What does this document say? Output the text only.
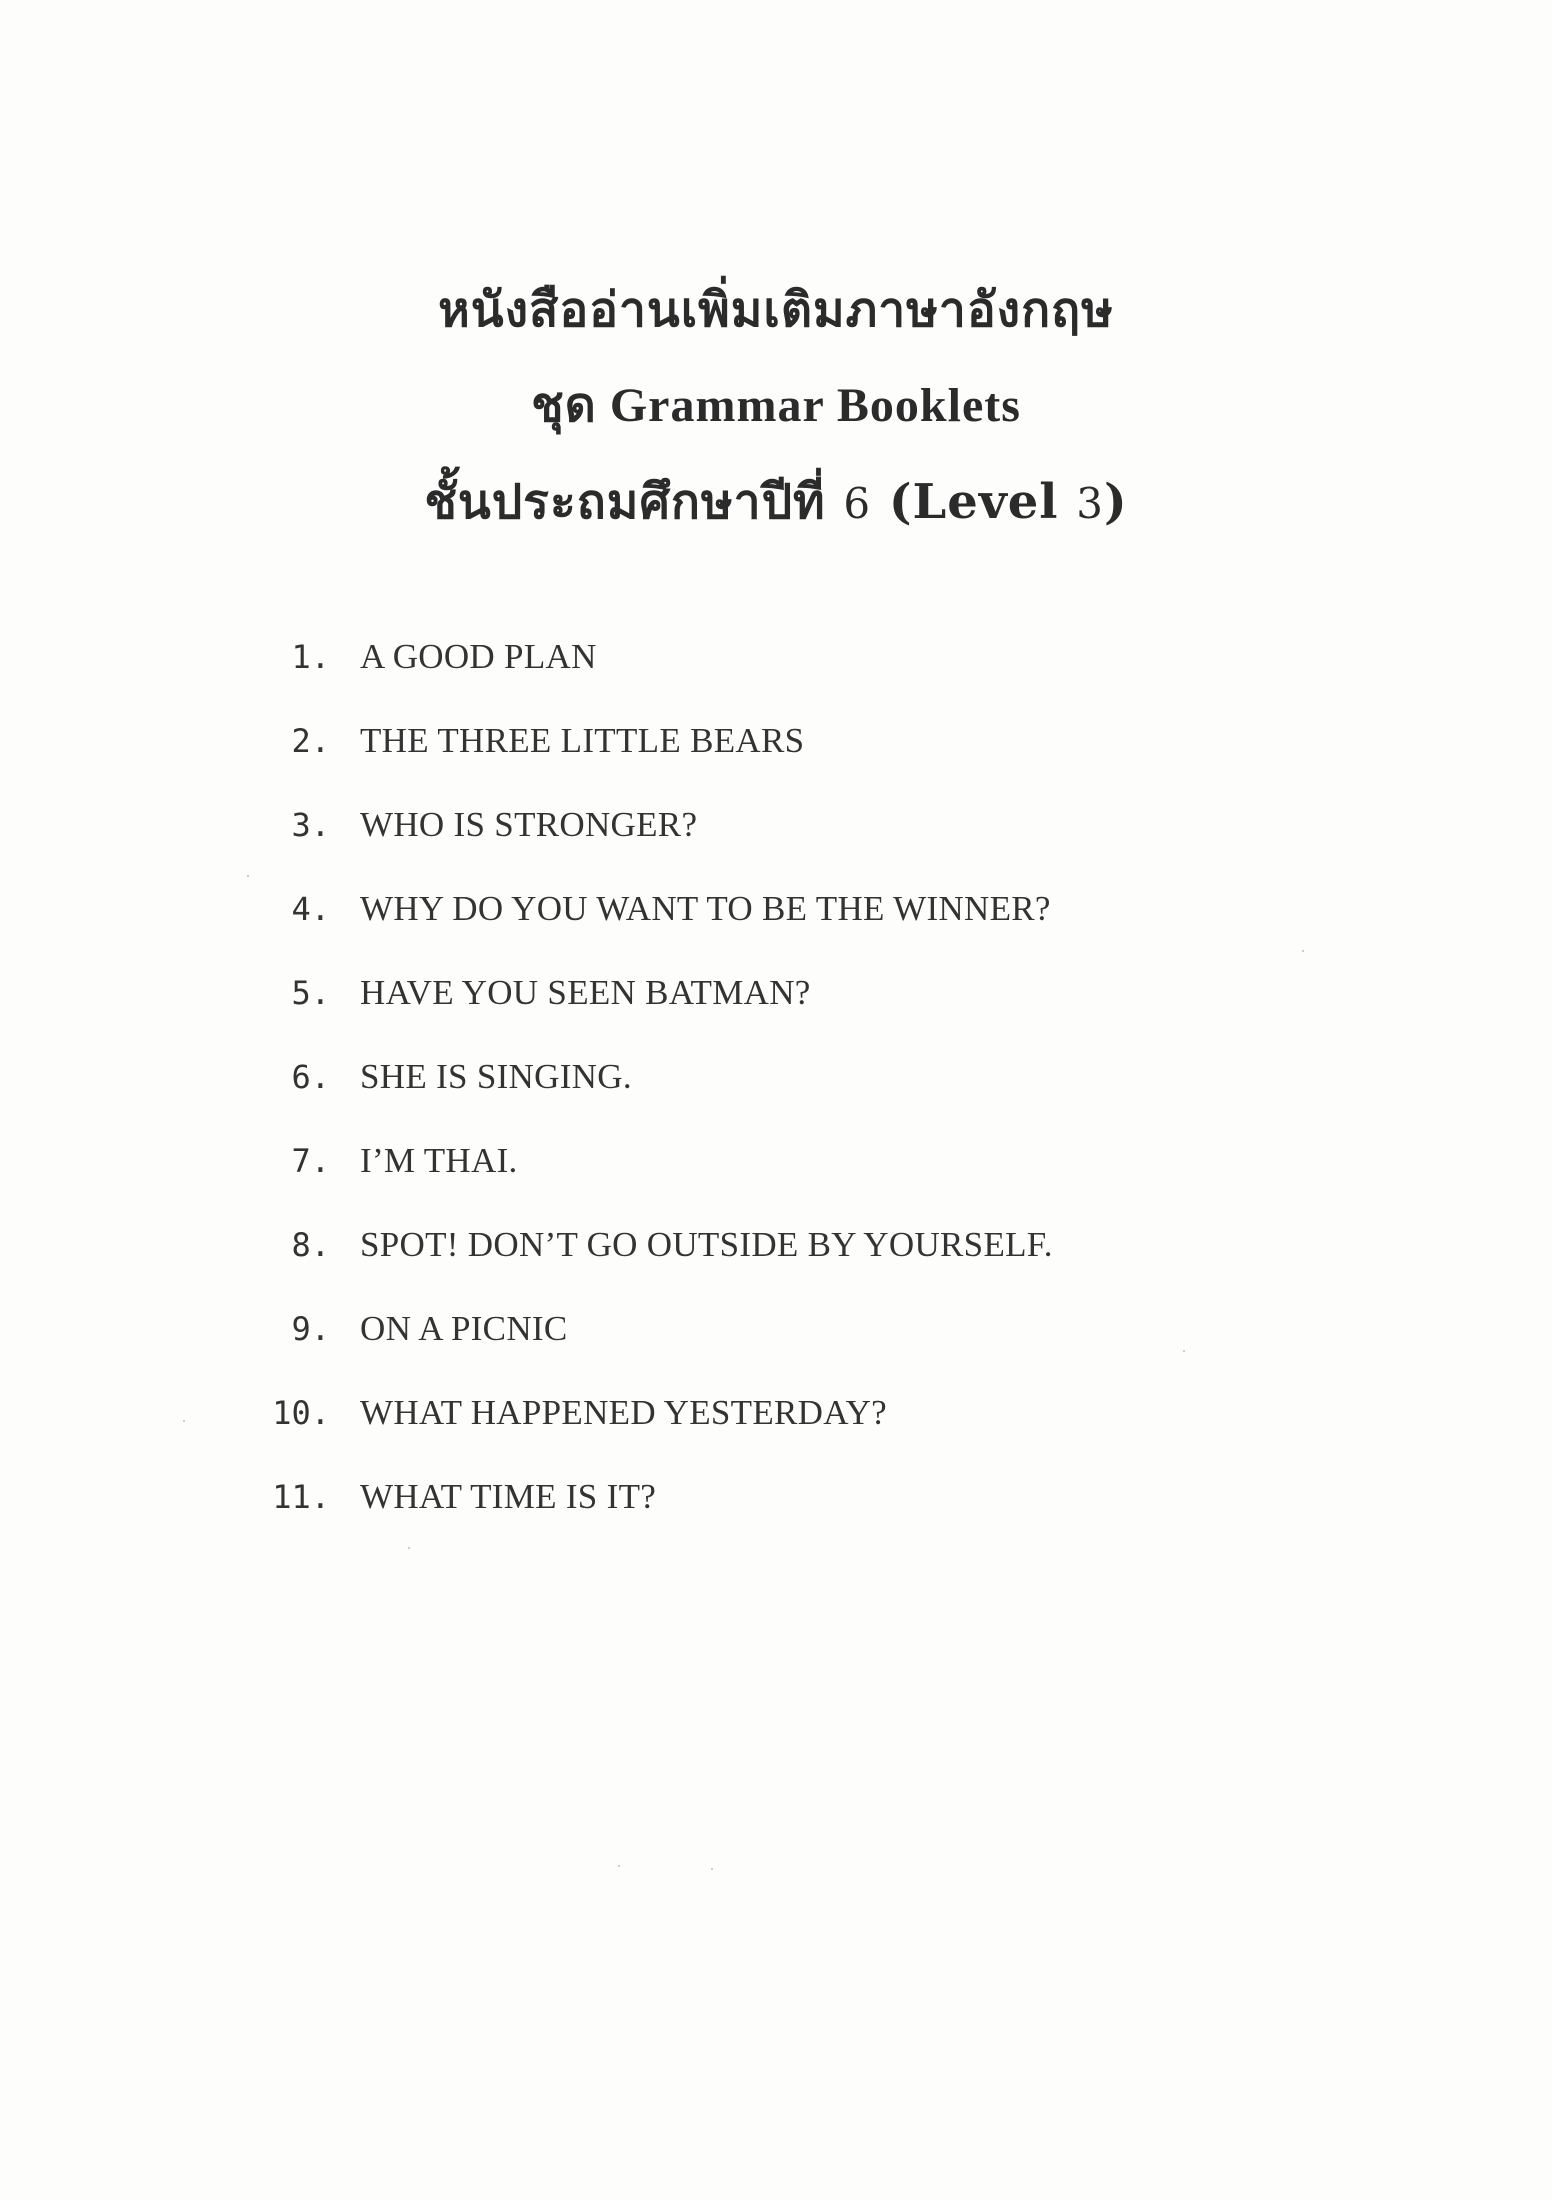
หนังสืออ่านเพิ่มเติมภาษาอังกฤษ
ชุด Grammar Booklets
ชั้นประถมศึกษาปีที่ 6 (Level 3)
1. A GOOD PLAN
2. THE THREE LITTLE BEARS
3. WHO IS STRONGER?
4. WHY DO YOU WANT TO BE THE WINNER?
5. HAVE YOU SEEN BATMAN?
6. SHE IS SINGING.
7. I’M THAI.
8. SPOT! DON’T GO OUTSIDE BY YOURSELF.
9. ON A PICNIC
10. WHAT HAPPENED YESTERDAY?
11. WHAT TIME IS IT?
